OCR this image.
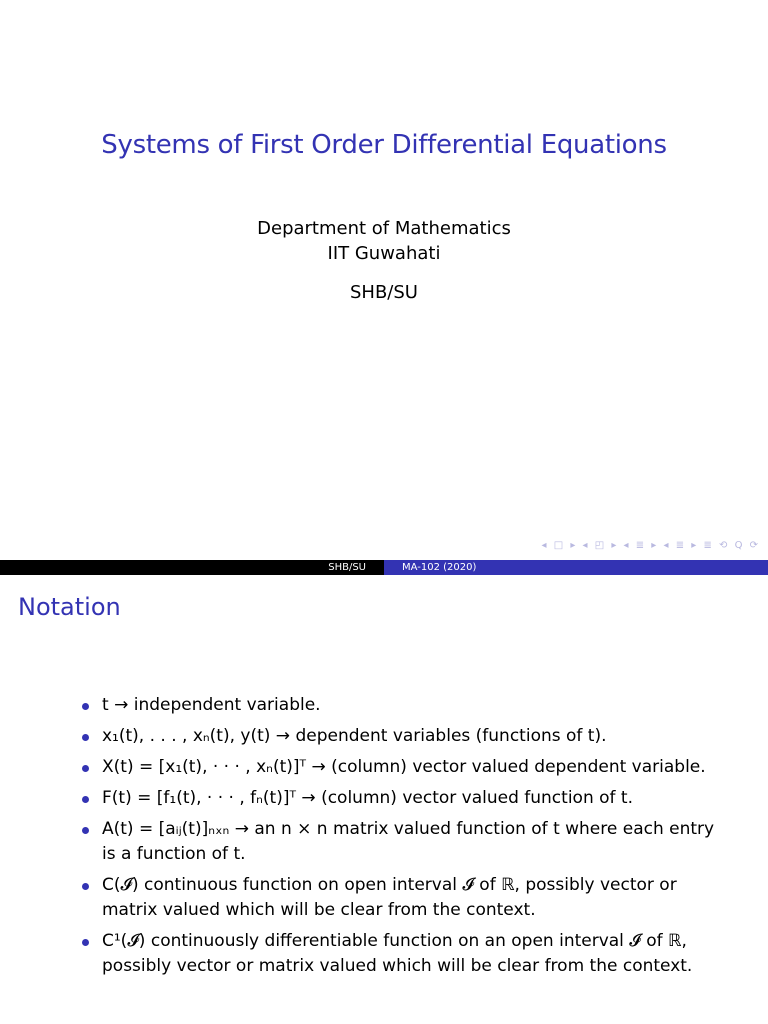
Systems of First Order Differential Equations
Department of Mathematics
IIT Guwahati
SHB/SU
◂ □ ▸ ◂ ◰ ▸ ◂ ≣ ▸ ◂ ≣ ▸ ≣ ⟲ Q ⟳
SHB/SU	MA-102 (2020)
Notation
t → independent variable.
x₁(t), . . . , xₙ(t), y(t) → dependent variables (functions of t).
X(t) = [x₁(t), · · · , xₙ(t)]ᵀ → (column) vector valued dependent variable.
F(t) = [f₁(t), · · · , fₙ(t)]ᵀ → (column) vector valued function of t.
A(t) = [aᵢⱼ(t)]ₙₓₙ → an n × n matrix valued function of t where each entry is a function of t.
C(𝓘) continuous function on open interval 𝓘 of ℝ, possibly vector or matrix valued which will be clear from the context.
C¹(𝓘) continuously differentiable function on an open interval 𝓘 of ℝ, possibly vector or matrix valued which will be clear from the context.
